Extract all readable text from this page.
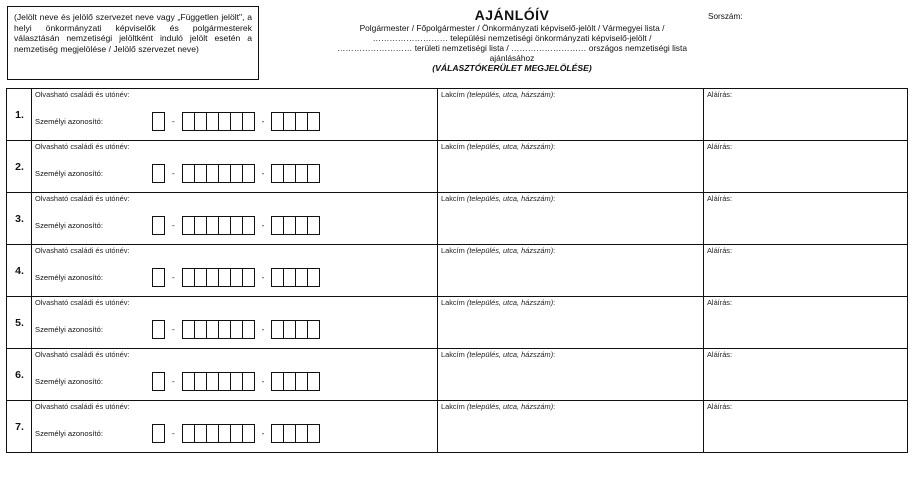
(Jelölt neve és jelölő szervezet neve vagy „Független jelölt", a helyi önkormányzati képviselők és polgármesterek választásán nemzetiségi jelöltként induló jelölt esetén a nemzetiség megjelölése / Jelölő szervezet neve)
AJÁNLÓÍV
Polgármester / Főpolgármester / Önkormányzati képviselő-jelölt / Vármegyei lista /
……………………… települési nemzetiségi önkormányzati képviselő-jelölt /
……………………… területi nemzetiségi lista / ……………………… országos nemzetiségi lista
ajánlásához
(VÁLASZTÓKERÜLET MEGJELÖLÉSE)
Sorszám:
1.
Olvasható családi és utónév:
Személyi azonosító:	-	-
Lakcím (település, utca, házszám):	Aláírás:
2.
Olvasható családi és utónév:
Személyi azonosító:	-	-
Lakcím (település, utca, házszám):	Aláírás:
3.
Olvasható családi és utónév:
Személyi azonosító:	-	-
Lakcím (település, utca, házszám):	Aláírás:
4.
Olvasható családi és utónév:
Személyi azonosító:	-	-
Lakcím (település, utca, házszám):	Aláírás:
5.
Olvasható családi és utónév:
Személyi azonosító:	-	-
Lakcím (település, utca, házszám):	Aláírás:
6.
Olvasható családi és utónév:
Személyi azonosító:	-	-
Lakcím (település, utca, házszám):	Aláírás:
7.
Olvasható családi és utónév:
Személyi azonosító:	-	-
Lakcím (település, utca, házszám):	Aláírás:
